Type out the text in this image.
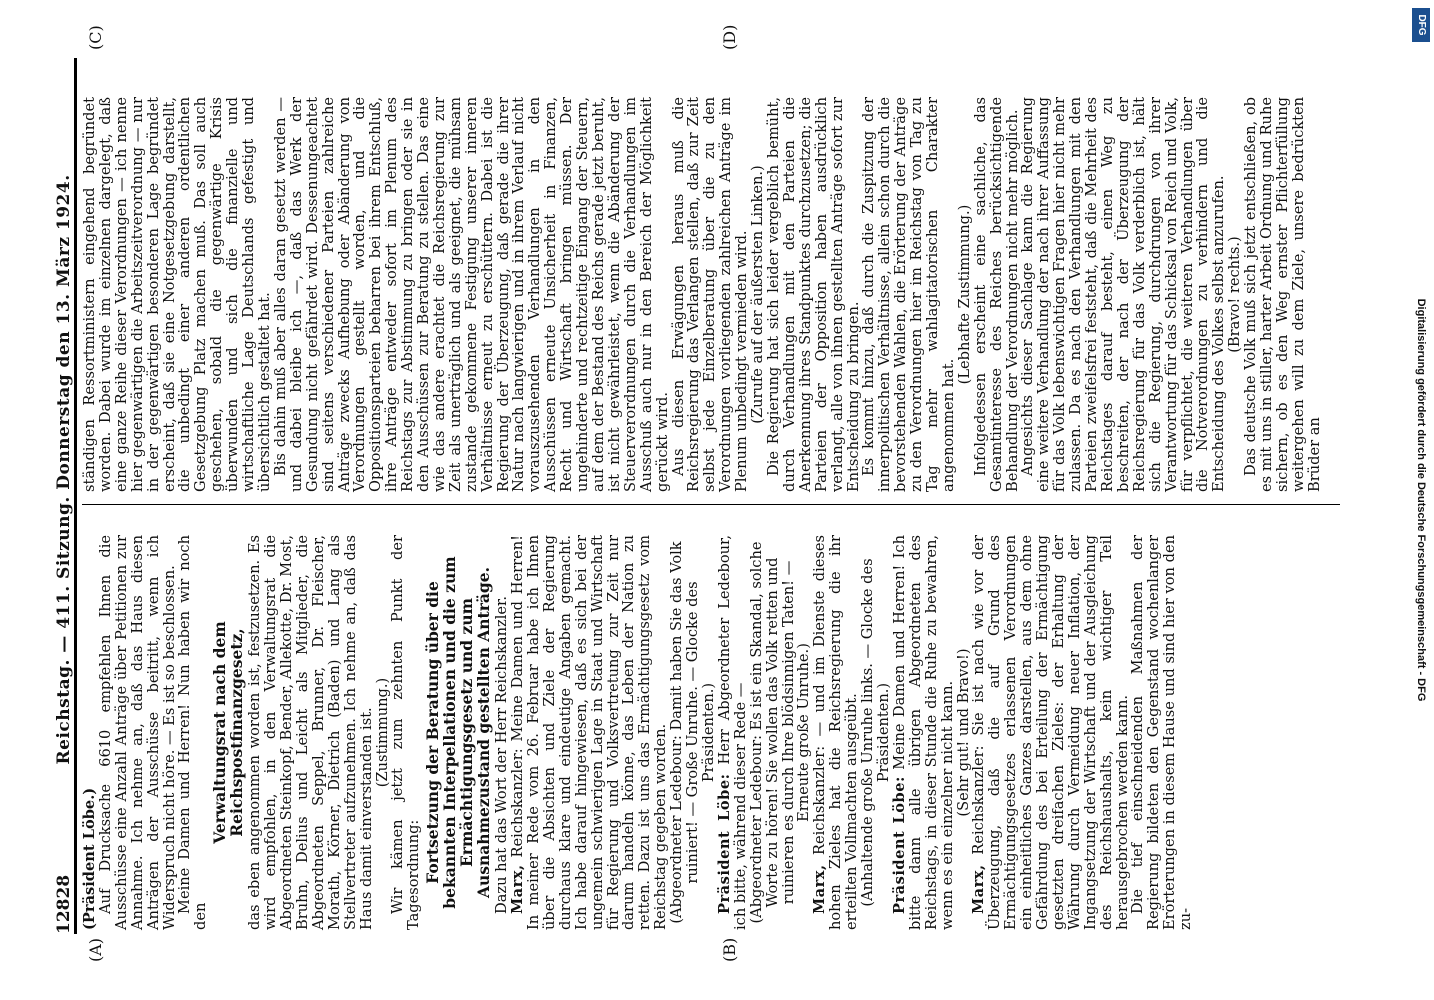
12828
Reichstag. — 411. Sitzung. Donnerstag den 13. März 1924.
(A)	(B)
(C)	(D)

(Präsident Löbe.)

Auf Drucksache 6610 empfehlen Ihnen die Ausschüsse eine Anzahl Anträge über Petitionen zur Annahme. Ich nehme an, daß das Haus diesen Anträgen der Ausschüsse beitritt, wenn ich Widerspruch nicht höre. — Es ist so beschlossen.

Meine Damen und Herren! Nun haben wir noch den

Verwaltungsrat nach dem Reichspostfinanzgesetz, das eben angenommen worden ist, festzusetzen. Es wird empfohlen, in den Verwaltungsrat die Abgeordneten Steinkopf, Bender, Allekotte, Dr. Most, Bruhn, Delius und Leicht als Mitglieder, die Abgeordneten Seppel, Brunner, Dr. Fleischer, Morath, Körner, Dietrich (Baden) und Lang als Stellvertreter aufzunehmen. Ich nehme an, daß das Haus damit einverstanden ist.

(Zustimmung.)

Wir kämen jetzt zum zehnten Punkt der Tagesordnung: Fortsetzung der Beratung über die bekannten Interpellationen und die zum Ermächtigungsgesetz und zum Ausnahmezustand gestellten Anträge. Dazu hat das Wort der Herr Reichskanzler.

Marx, Reichskanzler: Meine Damen und Herren! In meiner Rede vom 26. Februar habe ich Ihnen über die Absichten und Ziele der Regierung durchaus klare und eindeutige Angaben gemacht. Ich habe darauf hingewiesen, daß es sich bei der ungemein schwierigen Lage in Staat und Wirtschaft für Regierung und Volksvertretung zur Zeit nur darum handeln könne, das Leben der Nation zu retten. Dazu ist uns das Ermächtigungsgesetz vom Reichstag gegeben worden.

(Abgeordneter Ledebour: Damit haben Sie das Volk ruiniert! — Große Unruhe. — Glocke des Präsidenten.)

Präsident Löbe: Herr Abgeordneter Ledebour, ich bitte, während dieser Rede —

(Abgeordneter Ledebour: Es ist ein Skandal, solche Worte zu hören! Sie wollen das Volk retten und ruinieren es durch Ihre blödsinnigen Taten! — Erneute große Unruhe.)

Marx, Reichskanzler: — und im Dienste dieses hohen Zieles hat die Reichsregierung die ihr erteilten Vollmachten ausgeübt.

(Anhaltende große Unruhe links. — Glocke des Präsidenten.)

Präsident Löbe: Meine Damen und Herren! Ich bitte dann alle übrigen Abgeordneten des Reichstags, in dieser Stunde die Ruhe zu bewahren, wenn es ein einzelner nicht kann.

(Sehr gut! und Bravo!)

Marx, Reichskanzler: Sie ist nach wie vor der Überzeugung, daß die auf Grund des Ermächtigungsgesetzes erlassenen Verordnungen ein einheitliches Ganzes darstellen, aus dem ohne Gefährdung des bei Erteilung der Ermächtigung gesetzten dreifachen Zieles: der Erhaltung der Währung durch Vermeidung neuer Inflation, der Ingangsetzung der Wirtschaft und der Ausgleichung des Reichshaushalts, kein wichtiger Teil herausgebrochen werden kann.

Die tief einschneidenden Maßnahmen der Regierung bildeten den Gegenstand wochenlanger Erörterungen in diesem Hause und sind hier von den zu-

ständigen Ressortministern eingehend begründet worden. Dabei wurde im einzelnen dargelegt, daß eine ganze Reihe dieser Verordnungen — ich nenne hier gegenwärtigen die Arbeitszeitverordnung — nur in der gegenwärtigen besonderen Lage begründet erscheint, daß sie eine Notgesetzgebung darstellt, die unbedingt einer anderen ordentlichen Gesetzgebung Platz machen muß. Das soll auch geschehen, sobald die gegenwärtige Krisis überwunden und sich die finanzielle und wirtschaftliche Lage Deutschlands gefestigt und übersichtlich gestaltet hat.

Bis dahin muß aber alles daran gesetzt werden — und dabei bleibe ich —, daß das Werk der Gesundung nicht gefährdet wird. Dessenungeachtet sind seitens verschiedener Parteien zahlreiche Anträge zwecks Aufhebung oder Abänderung von Verordnungen gestellt worden, und die Oppositionsparteien beharren bei ihrem Entschluß, ihre Anträge entweder sofort im Plenum des Reichstags zur Abstimmung zu bringen oder sie in den Ausschüssen zur Beratung zu stellen. Das eine wie das andere erachtet die Reichsregierung zur Zeit als unerträglich und als geeignet, die mühsam zustande gekommene Festigung unserer inneren Verhältnisse erneut zu erschüttern. Dabei ist die Regierung der Überzeugung, daß gerade die ihrer Natur nach langwierigen und in ihrem Verlauf nicht vorauszusehenden Verhandlungen in den Ausschüssen erneute Unsicherheit in Finanzen, Recht und Wirtschaft bringen müssen. Der ungehinderte und rechtzeitige Eingang der Steuern, auf dem der Bestand des Reichs gerade jetzt beruht, ist nicht gewährleistet, wenn die Abänderung der Steuerverordnungen durch die Verhandlungen im Ausschuß auch nur in den Bereich der Möglichkeit gerückt wird.

Aus diesen Erwägungen heraus muß die Reichsregierung das Verlangen stellen, daß zur Zeit selbst jede Einzelberatung über die zu den Verordnungen vorliegenden zahlreichen Anträge im Plenum unbedingt vermieden wird.

(Zurufe auf der äußersten Linken.)

Die Regierung hat sich leider vergeblich bemüht, durch Verhandlungen mit den Parteien die Anerkennung ihres Standpunktes durchzusetzen; die Parteien der Opposition haben ausdrücklich verlangt, alle von ihnen gestellten Anträge sofort zur Entscheidung zu bringen.

Es kommt hinzu, daß durch die Zuspitzung der innerpolitischen Verhältnisse, allein schon durch die bevorstehenden Wahlen, die Erörterung der Anträge zu den Verordnungen hier im Reichstag von Tag zu Tag mehr wahlagitatorischen Charakter angenommen hat.

(Lebhafte Zustimmung.)

Infolgedessen erscheint eine sachliche, das Gesamtinteresse des Reiches berücksichtigende Behandlung der Verordnungen nicht mehr möglich.

Angesichts dieser Sachlage kann die Regierung eine weitere Verhandlung der nach ihrer Auffassung für das Volk lebenswichtigen Fragen hier nicht mehr zulassen. Da es nach den Verhandlungen mit den Parteien zweifelsfrei feststeht, daß die Mehrheit des Reichstages darauf besteht, einen Weg zu beschreiten, der nach der Überzeugung der Reichsregierung für das Volk verderblich ist, hält sich die Regierung, durchdrungen von ihrer Verantwortung für das Schicksal von Reich und Volk, für verpflichtet, die weiteren Verhandlungen über die Notverordnungen zu verhindern und die Entscheidung des Volkes selbst anzurufen.

(Bravo! rechts.)

Das deutsche Volk muß sich jetzt entschließen, ob es mit uns in stiller, harter Arbeit Ordnung und Ruhe sichern, ob es den Weg ernster Pflichterfüllung weitergehen will zu dem Ziele, unsere bedrückten Brüder an	Digitalisierung gefördert durch die Deutsche Forschungsgemeinschaft - DFG
DFG
